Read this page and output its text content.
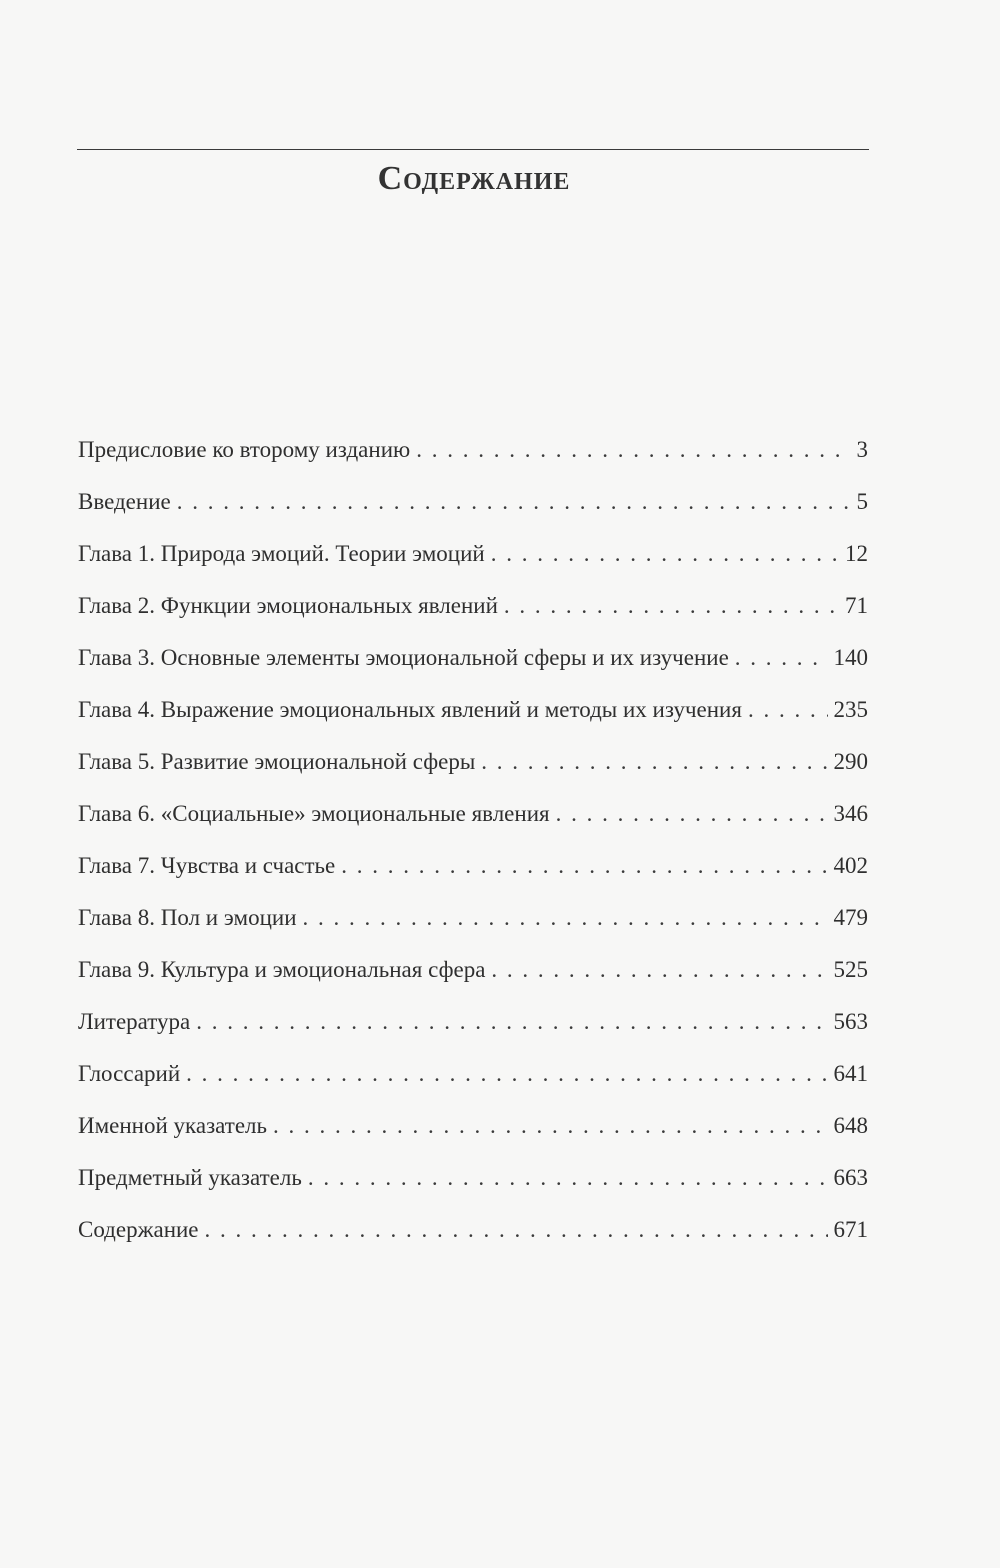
Содержание
Предисловие ко второму изданию . . .	3
Введение . . .	5
Глава 1. Природа эмоций. Теории эмоций . . .	12
Глава 2. Функции эмоциональных явлений . . .	71
Глава 3. Основные элементы эмоциональной сферы и их изучение . . .	140
Глава 4. Выражение эмоциональных явлений и методы их изучения . . .	235
Глава 5. Развитие эмоциональной сферы . . .	290
Глава 6. «Социальные» эмоциональные явления . . .	346
Глава 7. Чувства и счастье . . .	402
Глава 8. Пол и эмоции . . .	479
Глава 9. Культура и эмоциональная сфера . . .	525
Литература . . .	563
Глоссарий . . .	641
Именной указатель . . .	648
Предметный указатель . . .	663
Содержание . . .	671
